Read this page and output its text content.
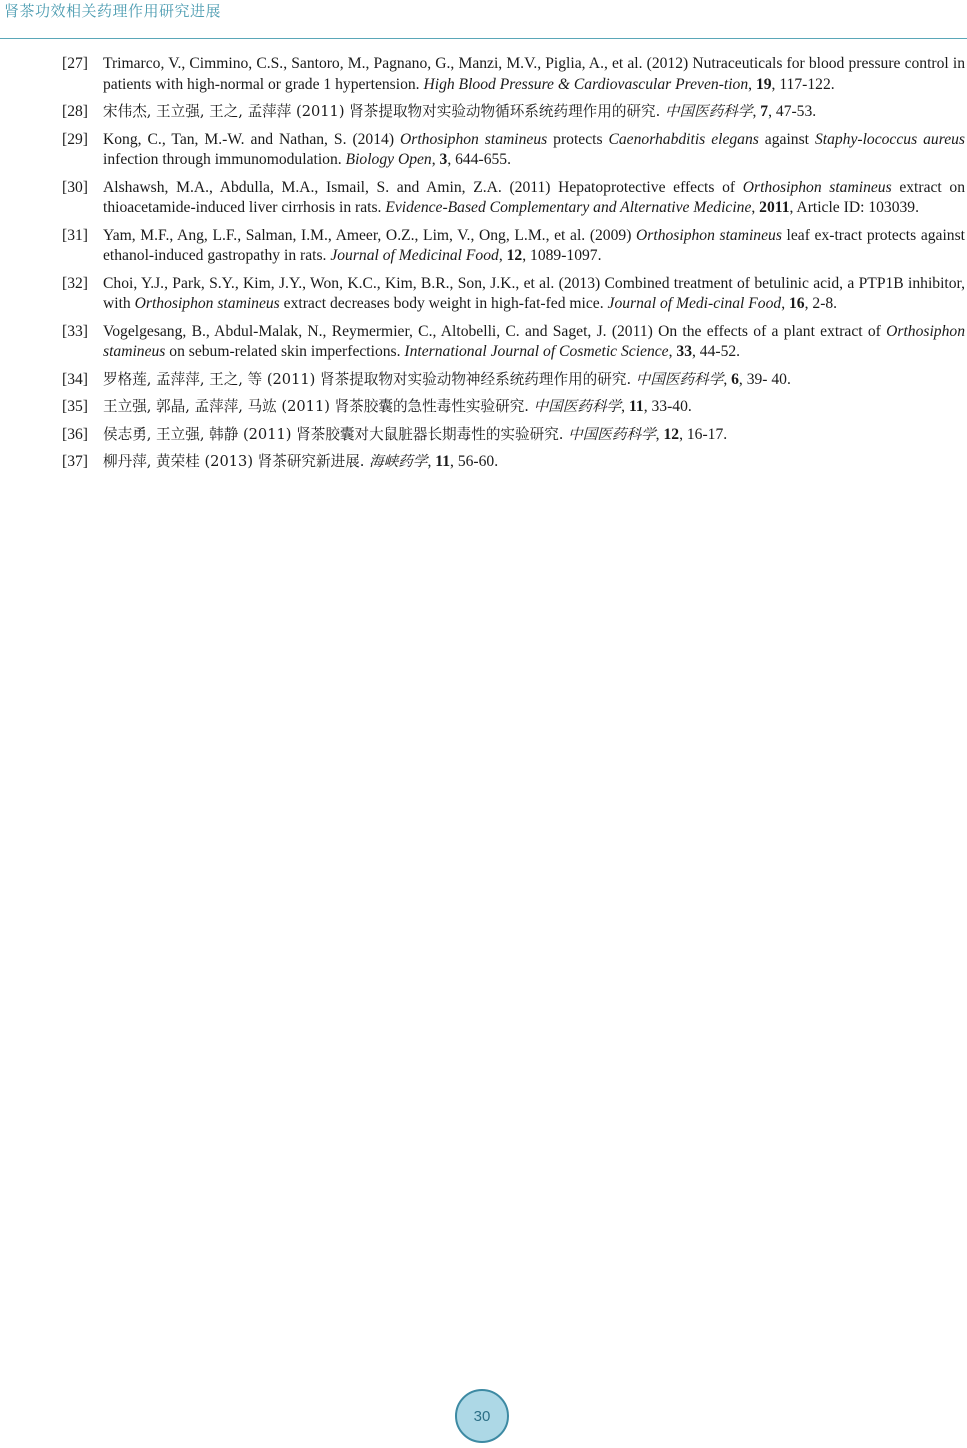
肾茶功效相关药理作用研究进展
[27] Trimarco, V., Cimmino, C.S., Santoro, M., Pagnano, G., Manzi, M.V., Piglia, A., et al. (2012) Nutraceuticals for blood pressure control in patients with high-normal or grade 1 hypertension. High Blood Pressure & Cardiovascular Preven-tion, 19, 117-122.
[28] 宋伟杰, 王立强, 王之, 孟萍萍 (2011) 肾茶提取物对实验动物循环系统药理作用的研究. 中国医药科学, 7, 47-53.
[29] Kong, C., Tan, M.-W. and Nathan, S. (2014) Orthosiphon stamineus protects Caenorhabditis elegans against Staphy-lococcus aureus infection through immunomodulation. Biology Open, 3, 644-655.
[30] Alshawsh, M.A., Abdulla, M.A., Ismail, S. and Amin, Z.A. (2011) Hepatoprotective effects of Orthosiphon stamineus extract on thioacetamide-induced liver cirrhosis in rats. Evidence-Based Complementary and Alternative Medicine, 2011, Article ID: 103039.
[31] Yam, M.F., Ang, L.F., Salman, I.M., Ameer, O.Z., Lim, V., Ong, L.M., et al. (2009) Orthosiphon stamineus leaf ex-tract protects against ethanol-induced gastropathy in rats. Journal of Medicinal Food, 12, 1089-1097.
[32] Choi, Y.J., Park, S.Y., Kim, J.Y., Won, K.C., Kim, B.R., Son, J.K., et al. (2013) Combined treatment of betulinic acid, a PTP1B inhibitor, with Orthosiphon stamineus extract decreases body weight in high-fat-fed mice. Journal of Medi-cinal Food, 16, 2-8.
[33] Vogelgesang, B., Abdul-Malak, N., Reymermier, C., Altobelli, C. and Saget, J. (2011) On the effects of a plant extract of Orthosiphon stamineus on sebum-related skin imperfections. International Journal of Cosmetic Science, 33, 44-52.
[34] 罗格莲, 孟萍萍, 王之, 等 (2011) 肾茶提取物对实验动物神经系统药理作用的研究. 中国医药科学, 6, 39- 40.
[35] 王立强, 郭晶, 孟萍萍, 马竑 (2011) 肾茶胶囊的急性毒性实验研究. 中国医药科学, 11, 33-40.
[36] 侯志勇, 王立强, 韩静 (2011) 肾茶胶囊对大鼠脏器长期毒性的实验研究. 中国医药科学, 12, 16-17.
[37] 柳丹萍, 黄荣桂 (2013) 肾茶研究新进展. 海峡药学, 11, 56-60.
30
